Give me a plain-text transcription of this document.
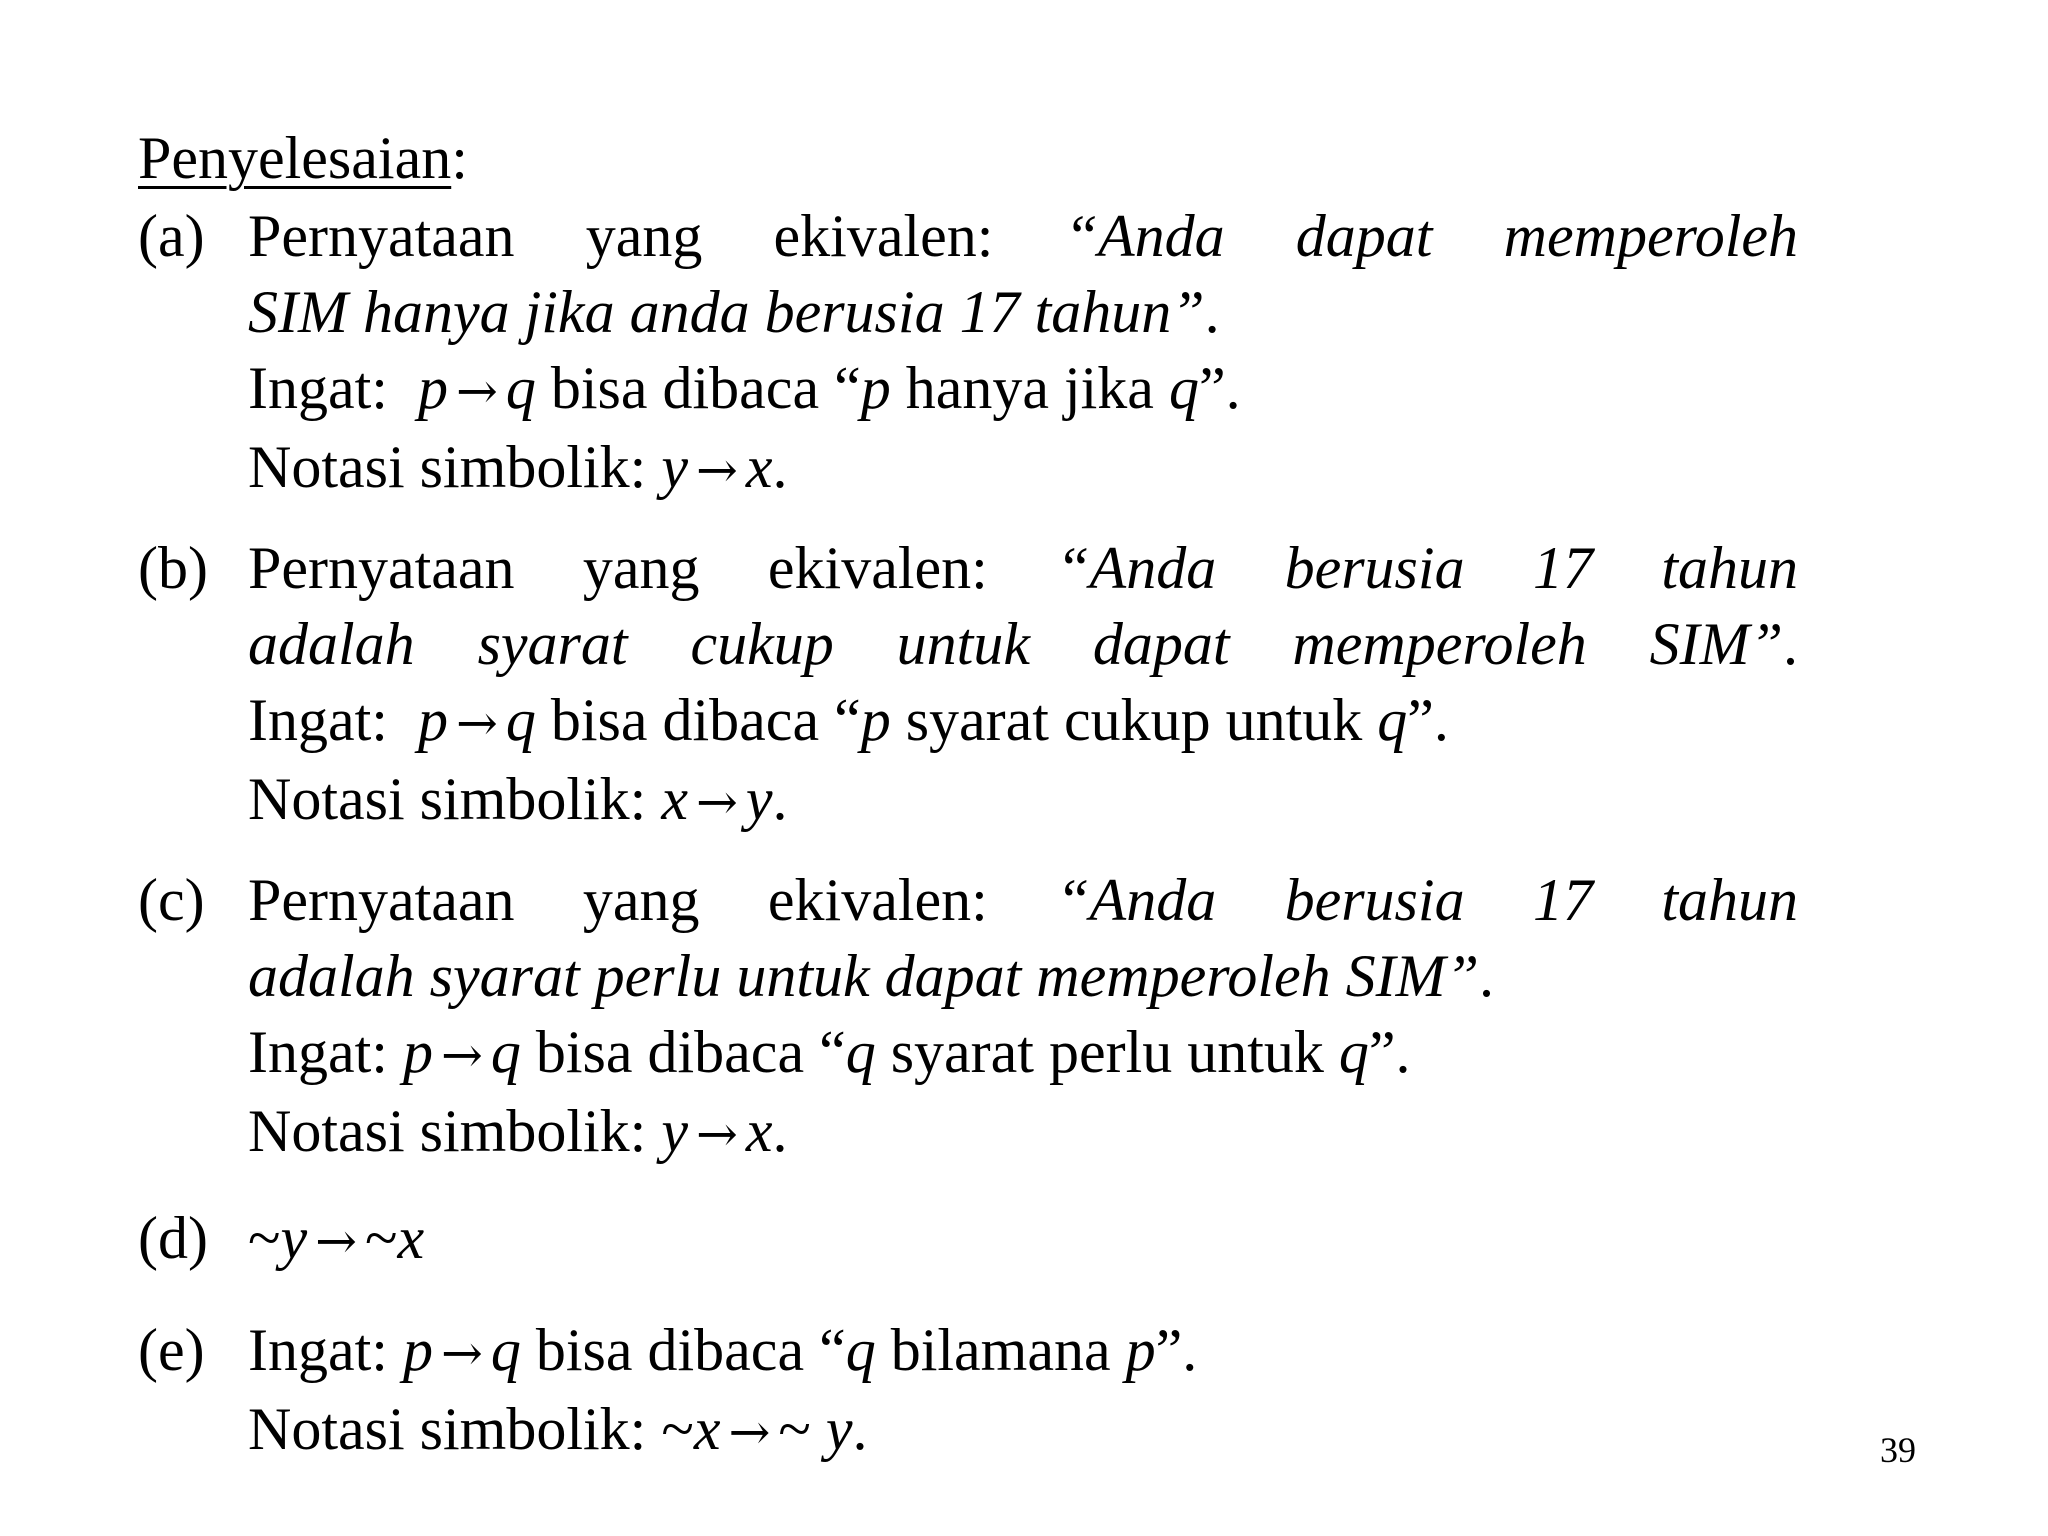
Penyelesaian:
(a) Pernyataan yang ekivalen: “Anda dapat memperoleh
SIM hanya jika anda berusia 17 tahun”.
Ingat: p → q bisa dibaca “p hanya jika q”.
Notasi simbolik: y → x.
(b) Pernyataan yang ekivalen: “Anda berusia 17 tahun
adalah syarat cukup untuk dapat memperoleh SIM”.
Ingat: p → q bisa dibaca “p syarat cukup untuk q”.
Notasi simbolik: x → y.
(c) Pernyataan yang ekivalen: “Anda berusia 17 tahun
adalah syarat perlu untuk dapat memperoleh SIM”.
Ingat: p → q bisa dibaca “q syarat perlu untuk q”.
Notasi simbolik: y → x.
(d) ~y → ~x
(e) Ingat: p → q bisa dibaca “q bilamana p”.
Notasi simbolik: ~x → ~ y.	39
